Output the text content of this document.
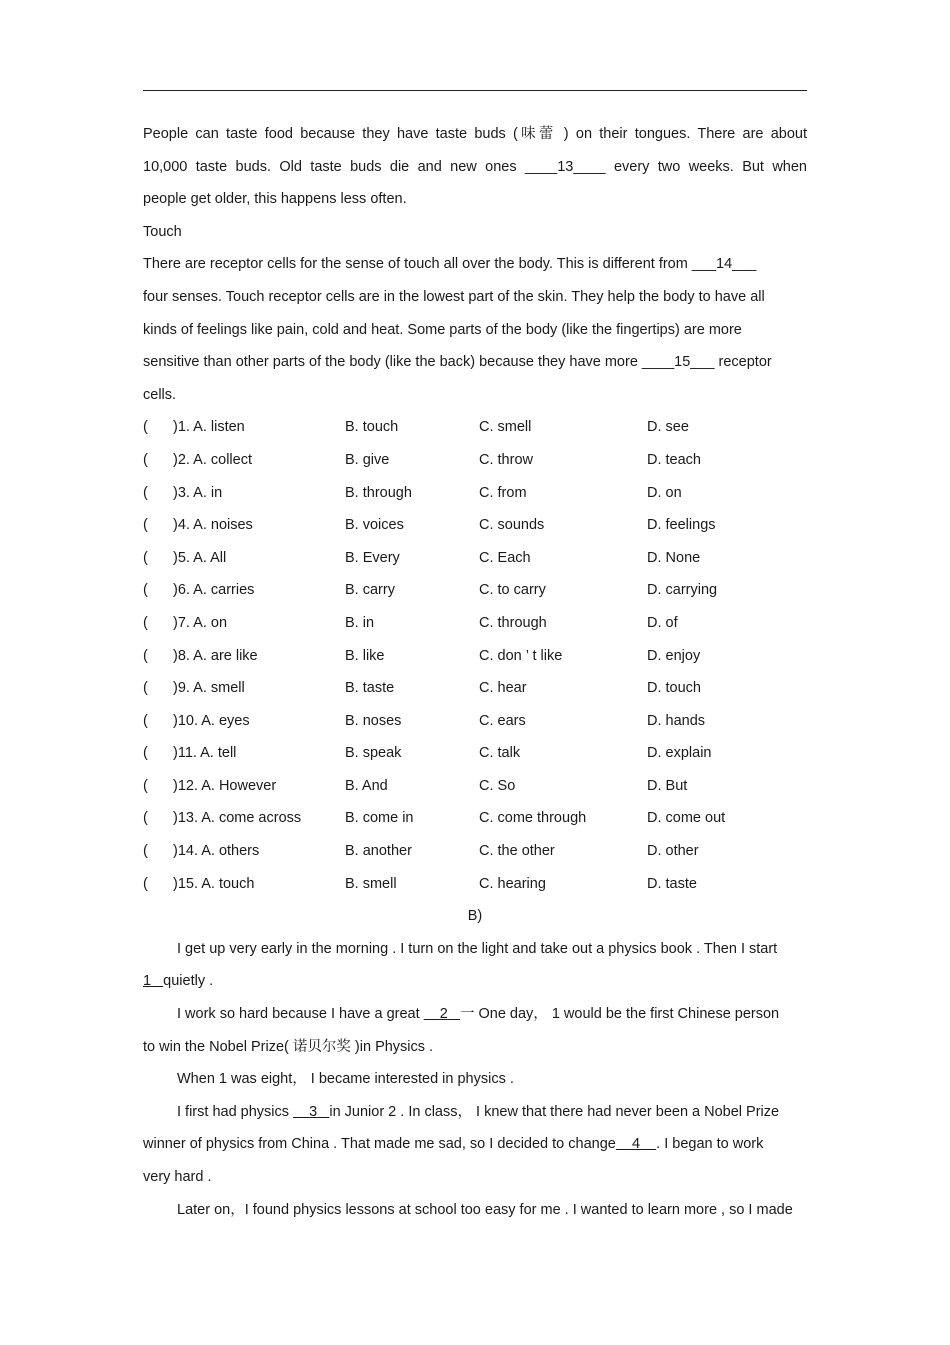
People can taste food because they have taste buds (味蕾 ) on their tongues. There are about
10,000 taste buds. Old taste buds die and new ones ____13____ every two weeks. But when
people get older, this happens less often.
Touch
There are receptor cells for the sense of touch all over the body. This is different from ___14___
four senses. Touch receptor cells are in the lowest part of the skin. They help the body to have all
kinds of feelings like pain, cold and heat. Some parts of the body (like the fingertips) are more
sensitive than other parts of the body (like the back) because they have more ____15___ receptor
cells.
( )1. A. listen	B. touch	C. smell	D. see
( )2. A. collect	B. give	C. throw	D. teach
( )3. A. in	B. through	C. from	D. on
( )4. A. noises	B. voices	C. sounds	D. feelings
( )5. A. All	B. Every	C. Each	D. None
( )6. A. carries	B. carry	C. to carry	D. carrying
( )7. A. on	B. in	C. through	D. of
( )8. A. are like	B. like	C. don ’ t like	D. enjoy
( )9. A. smell	B. taste	C. hear	D. touch
( )10. A. eyes	B. noses	C. ears	D. hands
( )11. A. tell	B. speak	C. talk	D. explain
( )12. A. However	B. And	C. So	D. But
( )13. A. come across	B. come in	C. come through	D. come out
( )14. A. others	B. another	C. the other	D. other
( )15. A. touch	B. smell	C. hearing	D. taste
B)
I get up very early in the morning . I turn on the light and take out a physics book . Then I start
1 quietly .
I work so hard because I have a great 2 一 One day， 1 would be the first Chinese person
to win the Nobel Prize( 诺贝尔奖 )in Physics .
When 1 was eight， I became interested in physics .
I first had physics 3 in Junior 2 . In class， I knew that there had never been a Nobel Prize
winner of physics from China . That made me sad, so I decided to change 4 . I began to work
very hard .
Later on，I found physics lessons at school too easy for me . I wanted to learn more , so I made
